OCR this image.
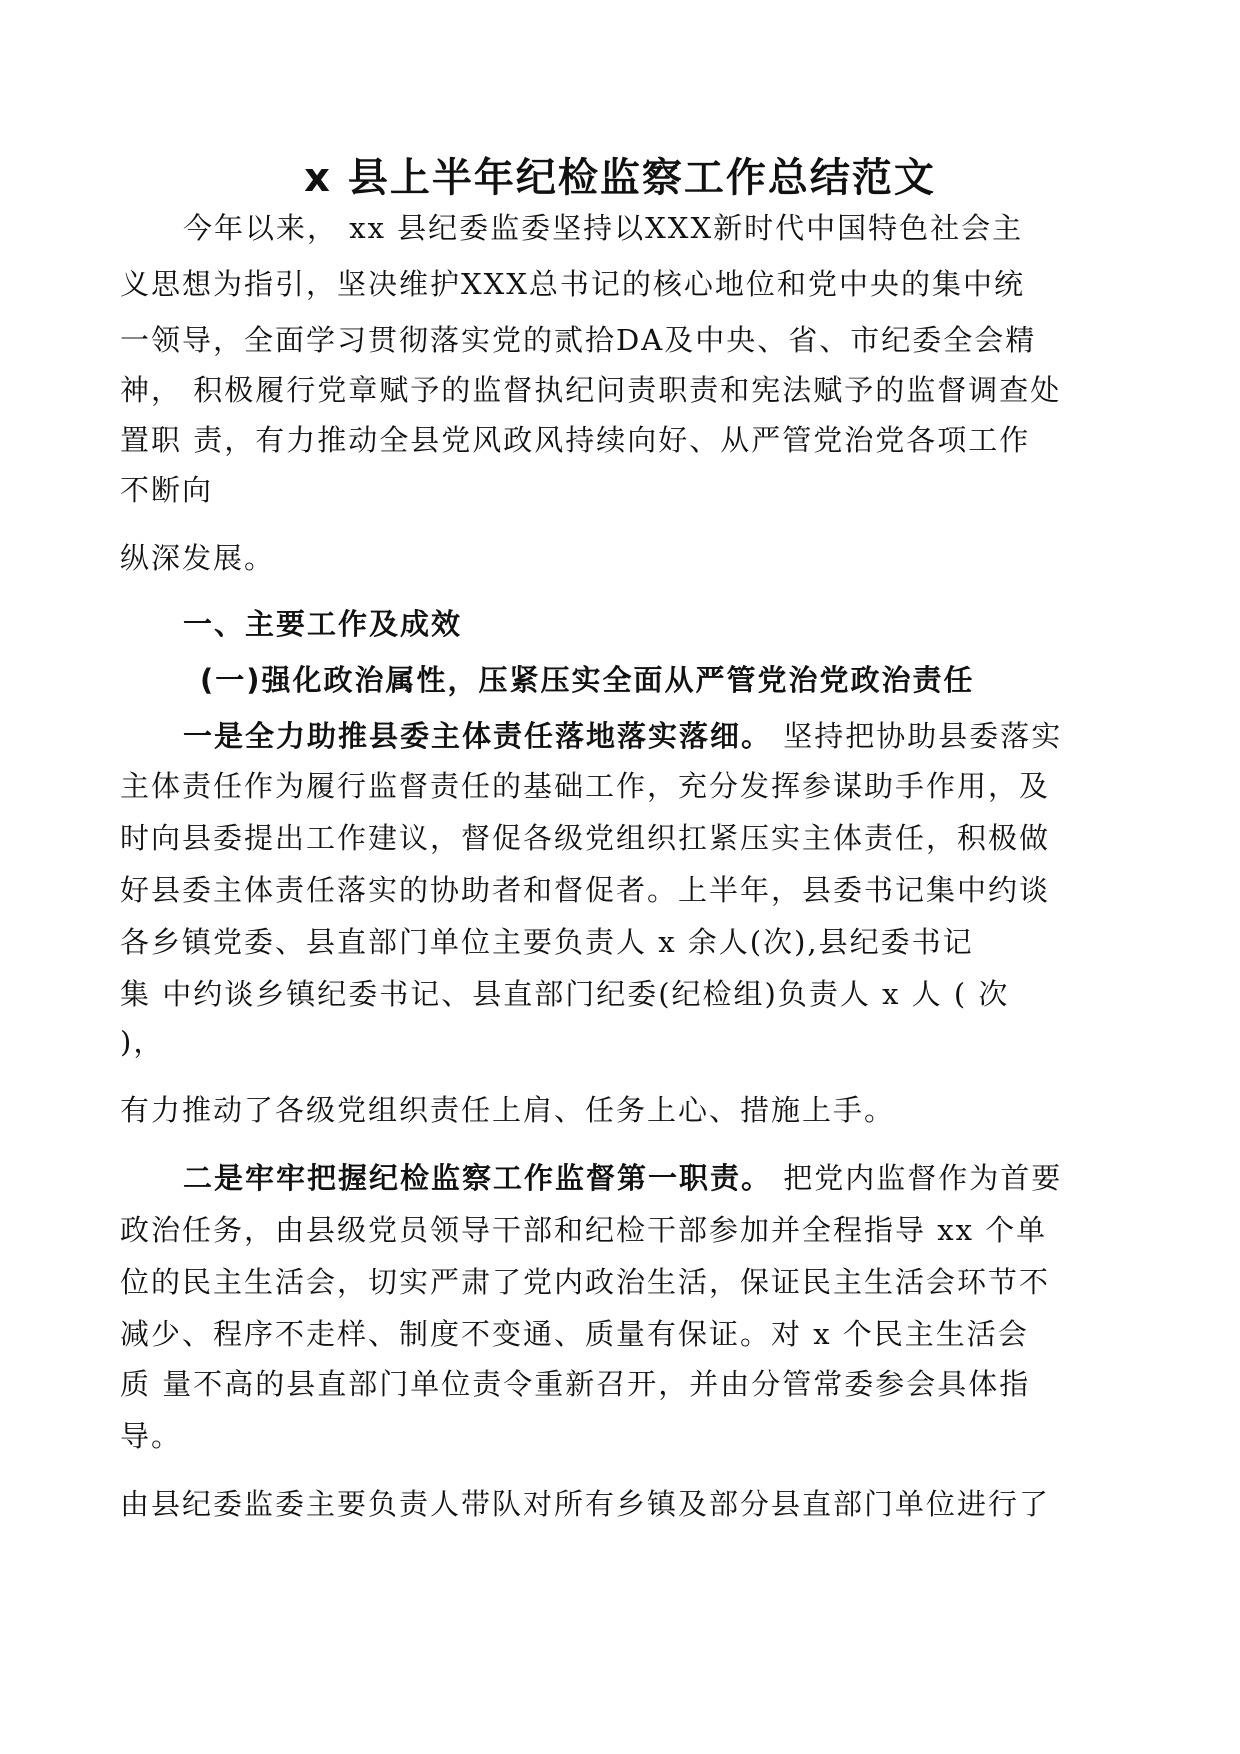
x 县上半年纪检监察工作总结范文
今年以来， xx 县纪委监委坚持以XXX新时代中国特色社会主
义思想为指引，坚决维护XXX总书记的核心地位和党中央的集中统
一领导，全面学习贯彻落实党的贰拾DA及中央、省、市纪委全会精
神， 积极履行党章赋予的监督执纪问责职责和宪法赋予的监督调查处
置职 责，有力推动全县党风政风持续向好、从严管党治党各项工作
不断向
纵深发展。
一、主要工作及成效
(一)强化政治属性，压紧压实全面从严管党治党政治责任
一是全力助推县委主体责任落地落实落细。 坚持把协助县委落实
主体责任作为履行监督责任的基础工作，充分发挥参谋助手作用，及
时向县委提出工作建议，督促各级党组织扛紧压实主体责任，积极做
好县委主体责任落实的协助者和督促者。上半年，县委书记集中约谈
各乡镇党委、县直部门单位主要负责人 x 余人(次),县纪委书记
集 中约谈乡镇纪委书记、县直部门纪委(纪检组)负责人 x 人 ( 次
)，
有力推动了各级党组织责任上肩、任务上心、措施上手。
二是牢牢把握纪检监察工作监督第一职责。 把党内监督作为首要
政治任务，由县级党员领导干部和纪检干部参加并全程指导 xx 个单
位的民主生活会，切实严肃了党内政治生活，保证民主生活会环节不
减少、程序不走样、制度不变通、质量有保证。对 x 个民主生活会
质 量不高的县直部门单位责令重新召开，并由分管常委参会具体指
导。
由县纪委监委主要负责人带队对所有乡镇及部分县直部门单位进行了
